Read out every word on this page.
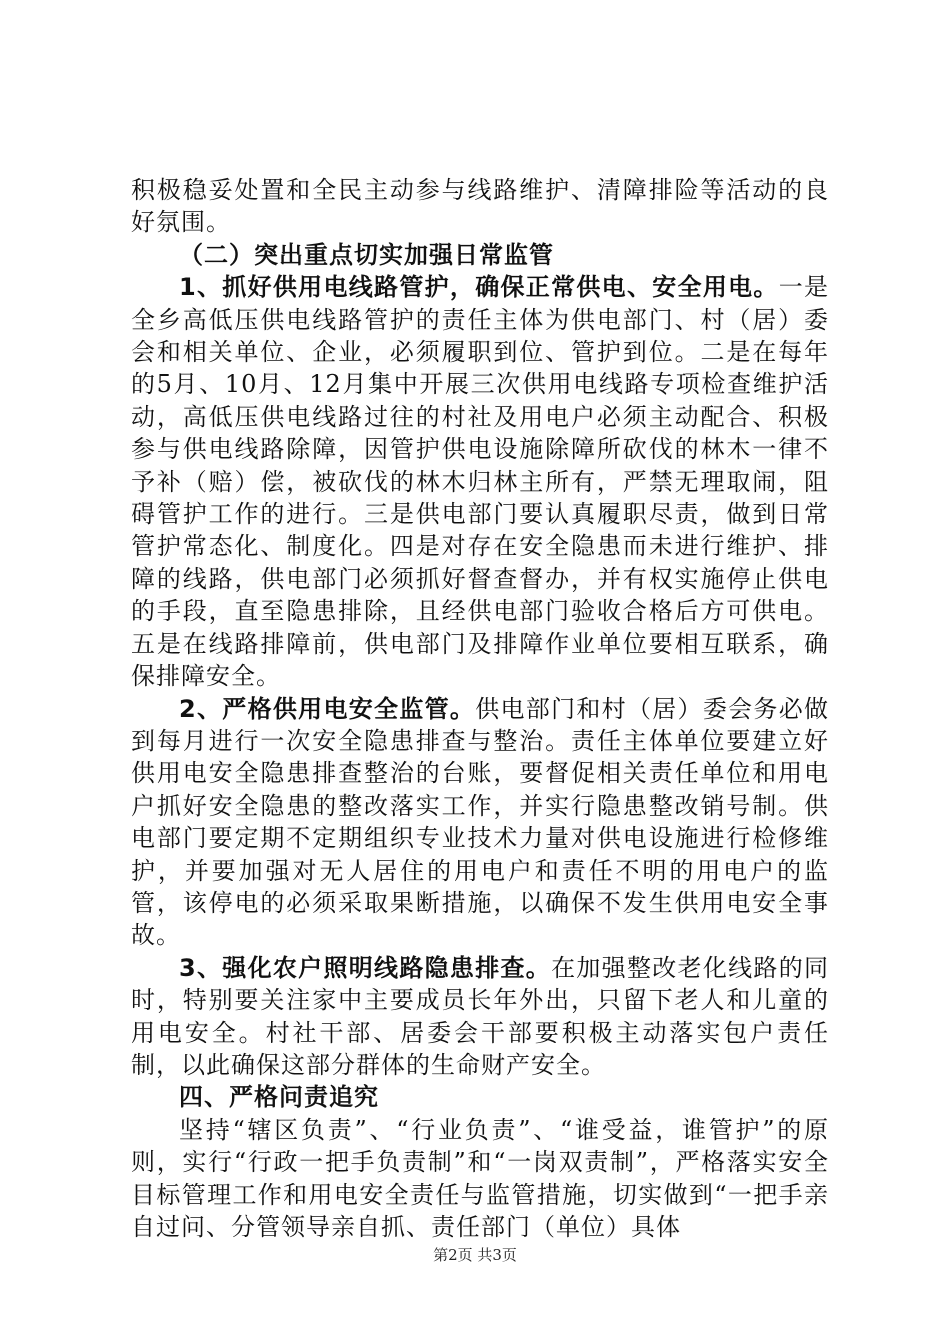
积极稳妥处置和全民主动参与线路维护、清障排险等活动的良好氛围。

（二）突出重点切实加强日常监管

1、抓好供用电线路管护，确保正常供电、安全用电。一是全乡高低压供电线路管护的责任主体为供电部门、村（居）委会和相关单位、企业，必须履职到位、管护到位。二是在每年的5月、10月、12月集中开展三次供用电线路专项检查维护活动，高低压供电线路过往的村社及用电户必须主动配合、积极参与供电线路除障，因管护供电设施除障所砍伐的林木一律不予补（赔）偿，被砍伐的林木归林主所有，严禁无理取闹，阻碍管护工作的进行。三是供电部门要认真履职尽责，做到日常管护常态化、制度化。四是对存在安全隐患而未进行维护、排障的线路，供电部门必须抓好督查督办，并有权实施停止供电的手段，直至隐患排除，且经供电部门验收合格后方可供电。五是在线路排障前，供电部门及排障作业单位要相互联系，确保排障安全。

2、严格供用电安全监管。供电部门和村（居）委会务必做到每月进行一次安全隐患排查与整治。责任主体单位要建立好供用电安全隐患排查整治的台账，要督促相关责任单位和用电户抓好安全隐患的整改落实工作，并实行隐患整改销号制。供电部门要定期不定期组织专业技术力量对供电设施进行检修维护，并要加强对无人居住的用电户和责任不明的用电户的监管，该停电的必须采取果断措施，以确保不发生供用电安全事故。

3、强化农户照明线路隐患排查。在加强整改老化线路的同时，特别要关注家中主要成员长年外出，只留下老人和儿童的用电安全。村社干部、居委会干部要积极主动落实包户责任制，以此确保这部分群体的生命财产安全。

四、严格问责追究

坚持“辖区负责”、“行业负责”、“谁受益，谁管护”的原则，实行“行政一把手负责制”和“一岗双责制”，严格落实安全目标管理工作和用电安全责任与监管措施，切实做到“一把手亲自过问、分管领导亲自抓、责任部门（单位）具体

第2页 共3页
